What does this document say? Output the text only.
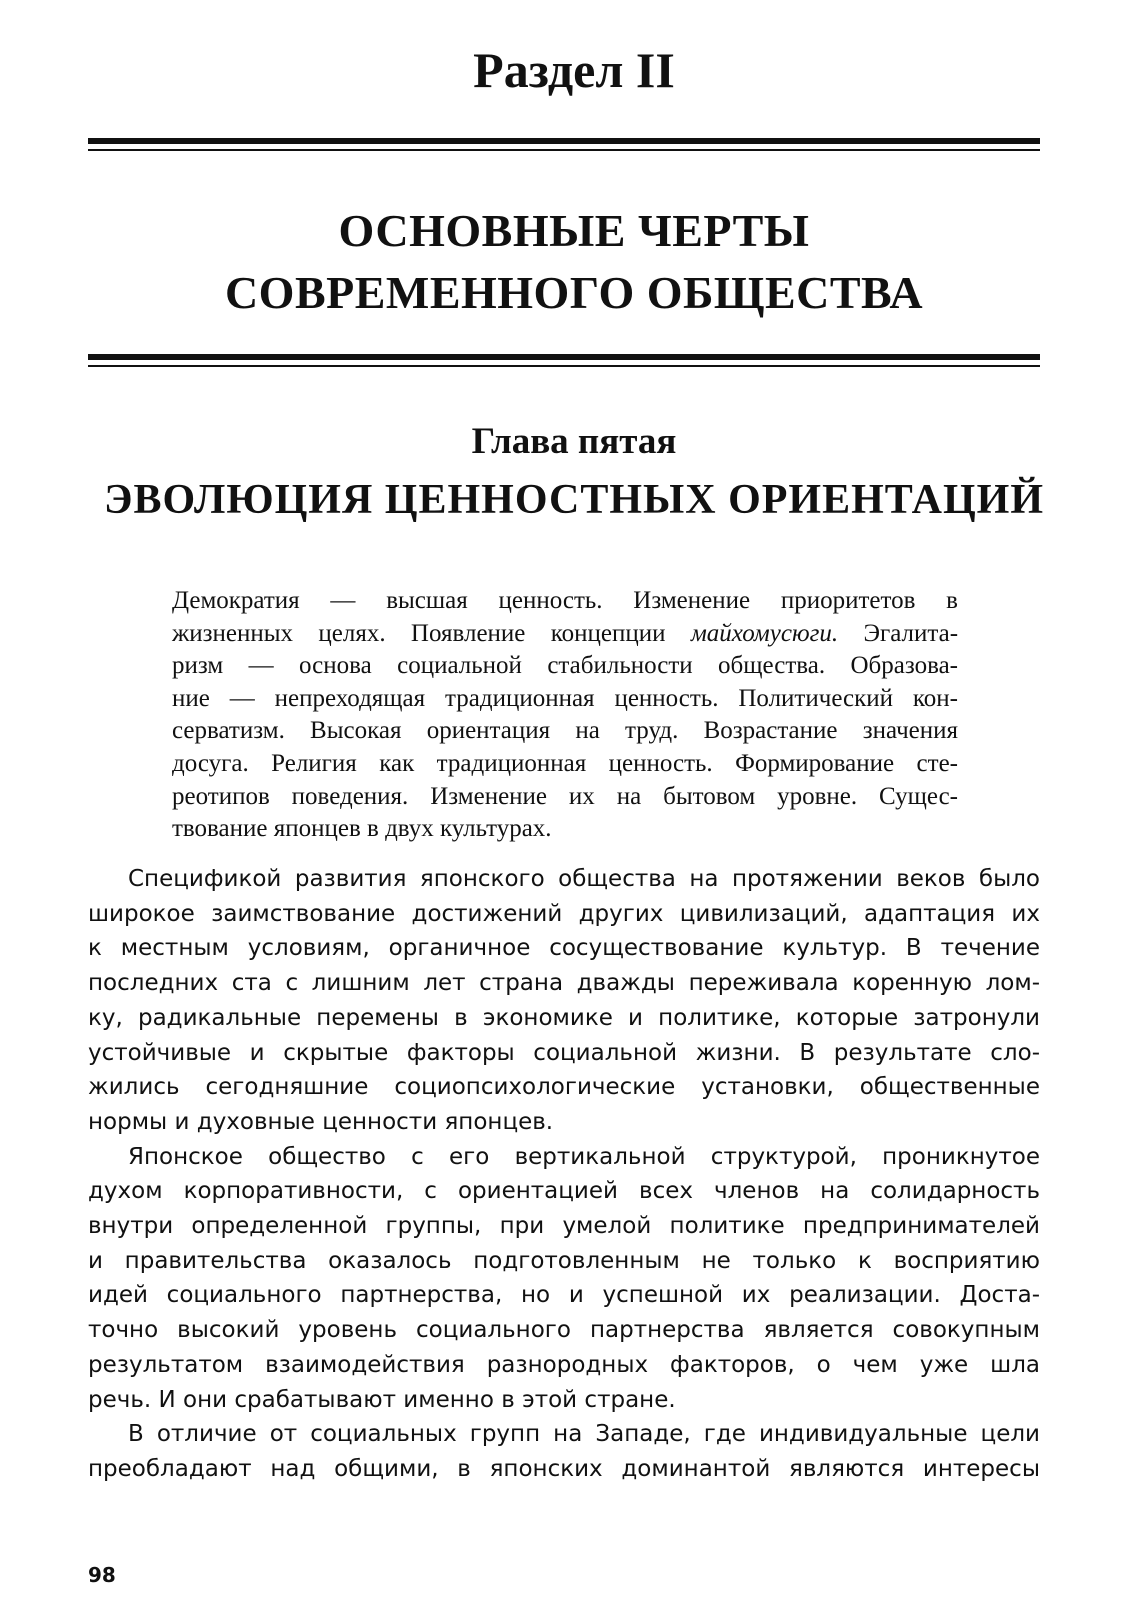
Раздел II
ОСНОВНЫЕ ЧЕРТЫ
СОВРЕМЕННОГО ОБЩЕСТВА
Глава пятая
ЭВОЛЮЦИЯ ЦЕННОСТНЫХ ОРИЕНТАЦИЙ
Демократия — высшая ценность. Изменение приоритетов в
жизненных целях. Появление концепции майхомусюги. Эгалита-
ризм — основа социальной стабильности общества. Образова-
ние — непреходящая традиционная ценность. Политический кон-
серватизм. Высокая ориентация на труд. Возрастание значения
досуга. Религия как традиционная ценность. Формирование сте-
реотипов поведения. Изменение их на бытовом уровне. Сущес-
твование японцев в двух культурах.

Спецификой развития японского общества на протяжении веков было
широкое заимствование достижений других цивилизаций, адаптация их
к местным условиям, органичное сосуществование культур. В течение
последних ста с лишним лет страна дважды переживала коренную лом-
ку, радикальные перемены в экономике и политике, которые затронули
устойчивые и скрытые факторы социальной жизни. В результате сло-
жились сегодняшние социопсихологические установки, общественные
нормы и духовные ценности японцев.

Японское общество с его вертикальной структурой, проникнутое
духом корпоративности, с ориентацией всех членов на солидарность
внутри определенной группы, при умелой политике предпринимателей
и правительства оказалось подготовленным не только к восприятию
идей социального партнерства, но и успешной их реализации. Доста-
точно высокий уровень социального партнерства является совокупным
результатом взаимодействия разнородных факторов, о чем уже шла
речь. И они срабатывают именно в этой стране.

В отличие от социальных групп на Западе, где индивидуальные цели
преобладают над общими, в японских доминантой являются интересы

98
